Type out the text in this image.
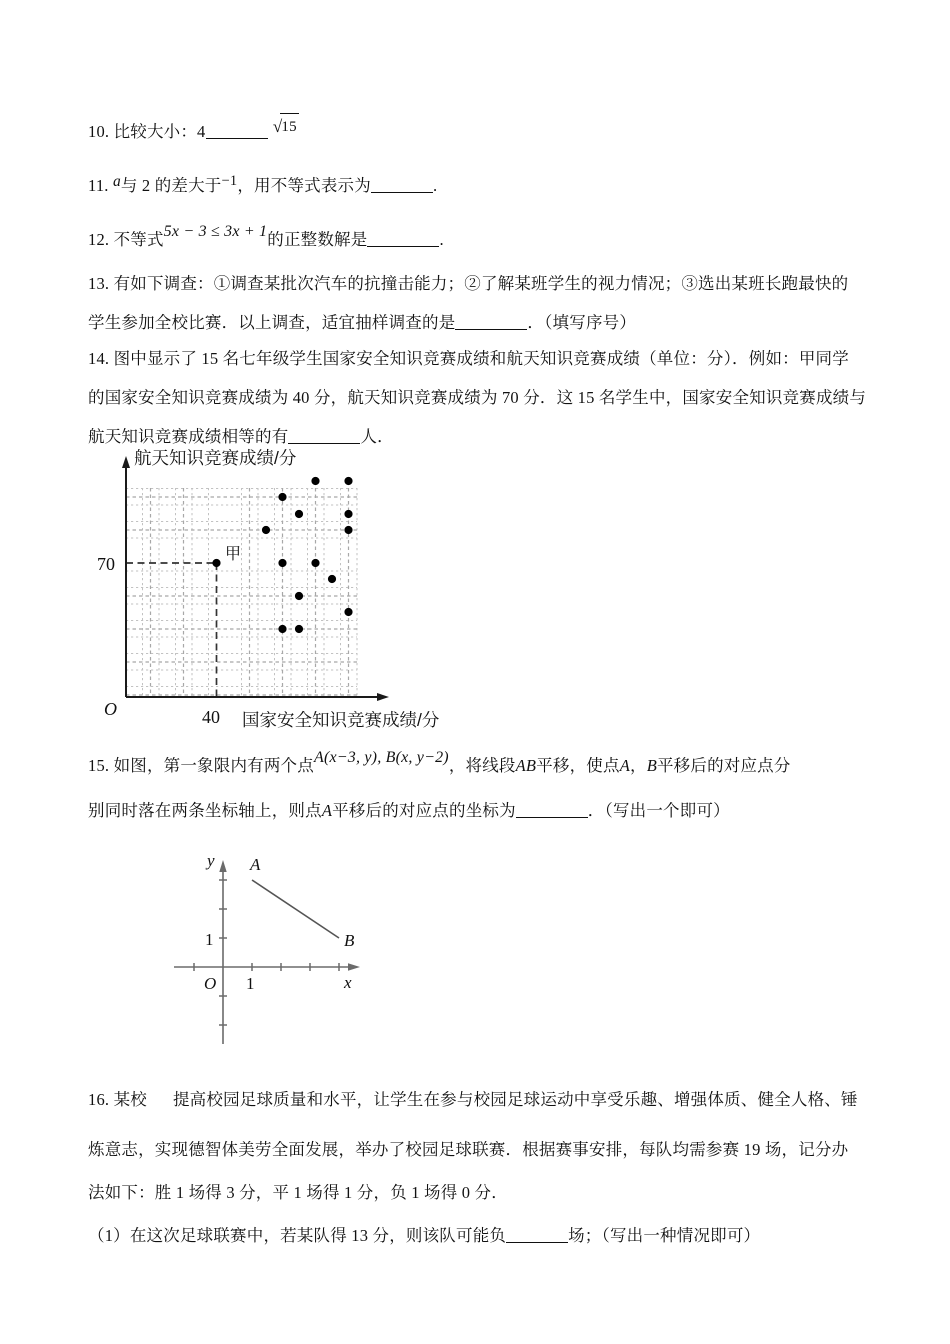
10. 比较大小：4	√15
11. a与 2 的差大于−1，用不等式表示为	.
12. 不等式5x − 3 ≤ 3x + 1的正整数解是	.
13. 有如下调查：①调查某批次汽车的抗撞击能力；②了解某班学生的视力情况；③选出某班长跑最快的
学生参加全校比赛．以上调查，适宜抽样调查的是	．（填写序号）
14. 图中显示了 15 名七年级学生国家安全知识竞赛成绩和航天知识竞赛成绩（单位：分）．例如：甲同学
的国家安全知识竞赛成绩为 40 分，航天知识竞赛成绩为 70 分．这 15 名学生中，国家安全知识竞赛成绩与
航天知识竞赛成绩相等的有	人．
航天知识竞赛成绩/分
国家安全知识竞赛成绩/分
70
40
O
甲
15. 如图，第一象限内有两个点A(x−3, y), B(x, y−2)，将线段AB平移，使点A，B平移后的对应点分
别同时落在两条坐标轴上，则点A平移后的对应点的坐标为	．（写出一个即可）
y
x
O 1
1
A
B
16. 某校 提高校园足球质量和水平，让学生在参与校园足球运动中享受乐趣、增强体质、健全人格、锤
炼意志，实现德智体美劳全面发展，举办了校园足球联赛．根据赛事安排，每队均需参赛 19 场，记分办
法如下：胜 1 场得 3 分，平 1 场得 1 分，负 1 场得 0 分．
（1）在这次足球联赛中，若某队得 13 分，则该队可能负	场；（写出一种情况即可）
